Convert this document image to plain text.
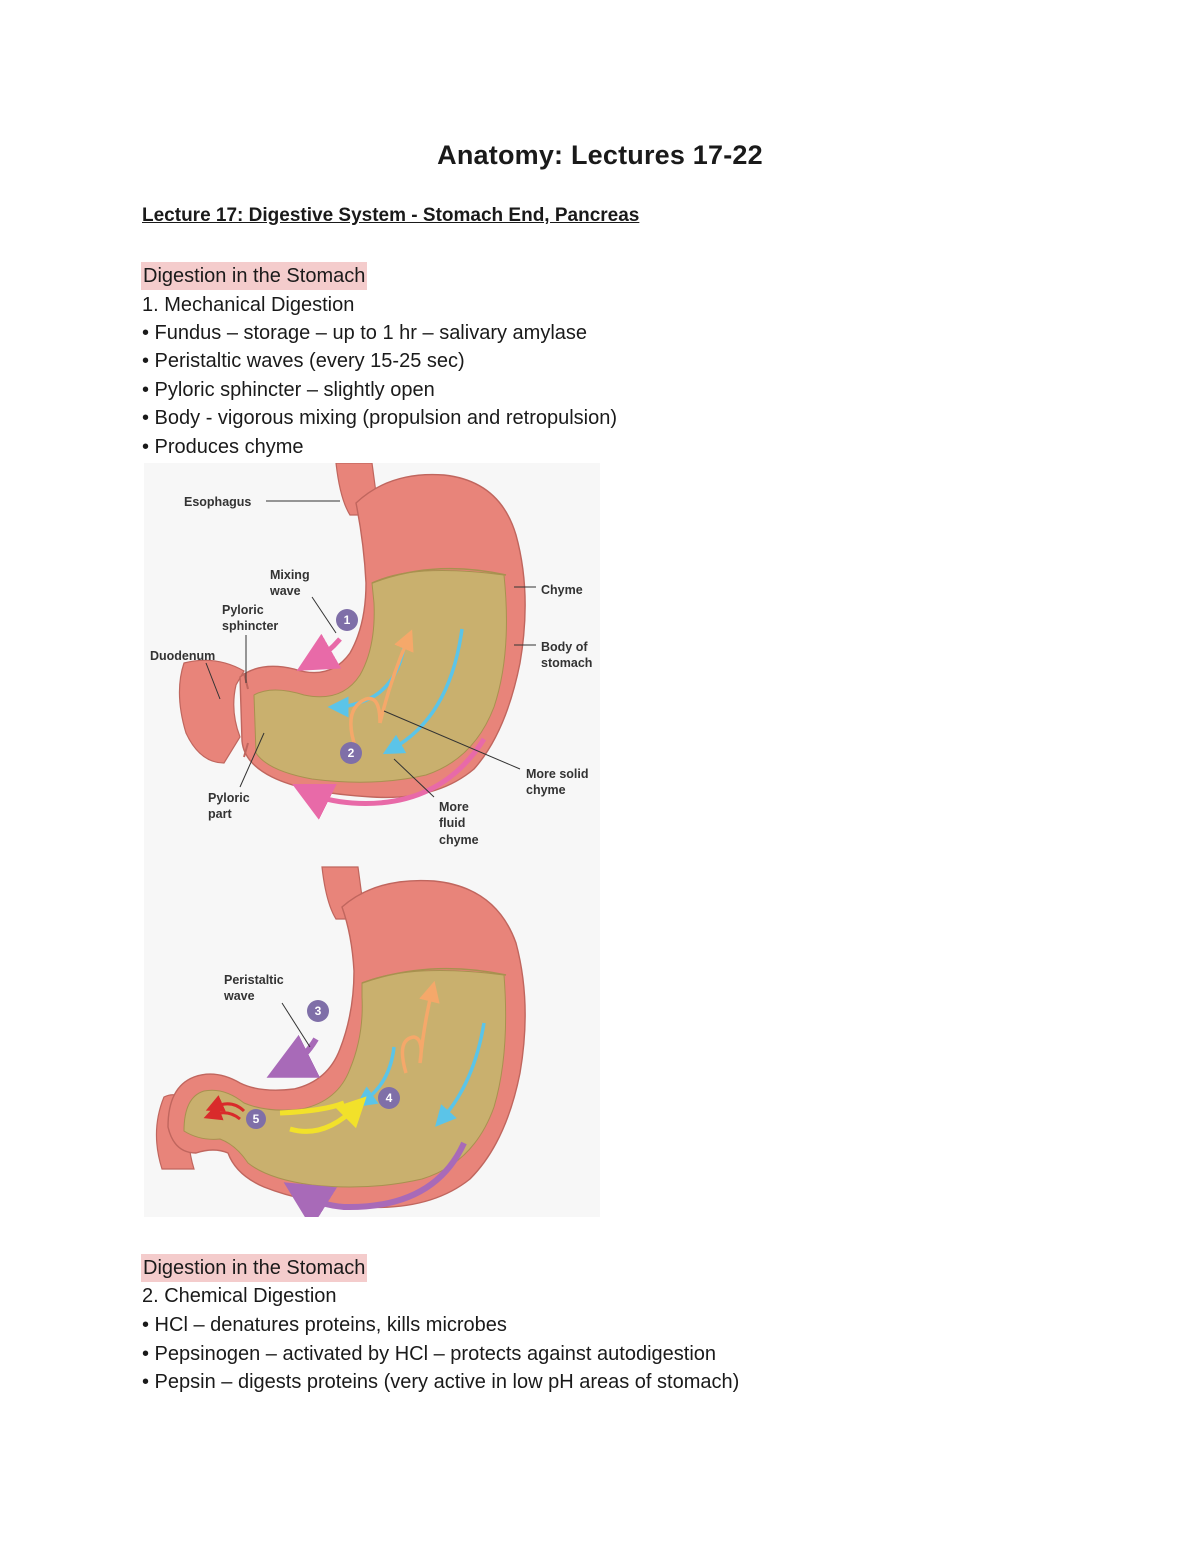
Anatomy: Lectures 17-22
Lecture 17: Digestive System - Stomach End, Pancreas
Digestion in the Stomach
1. Mechanical Digestion
• Fundus – storage – up to 1 hr – salivary amylase
• Peristaltic waves (every 15-25 sec)
• Pyloric sphincter – slightly open
• Body - vigorous mixing (propulsion and retropulsion)
• Produces chyme
1
2
Esophagus
Mixing
wave
Pyloric
sphincter
Duodenum
Chyme
Body of
stomach
More solid
chyme
Pyloric
part	More
fluid
chyme
3
4
5
Peristaltic
wave
Digestion in the Stomach
2. Chemical Digestion
• HCl – denatures proteins, kills microbes
• Pepsinogen – activated by HCl – protects against autodigestion
• Pepsin – digests proteins (very active in low pH areas of stomach)
